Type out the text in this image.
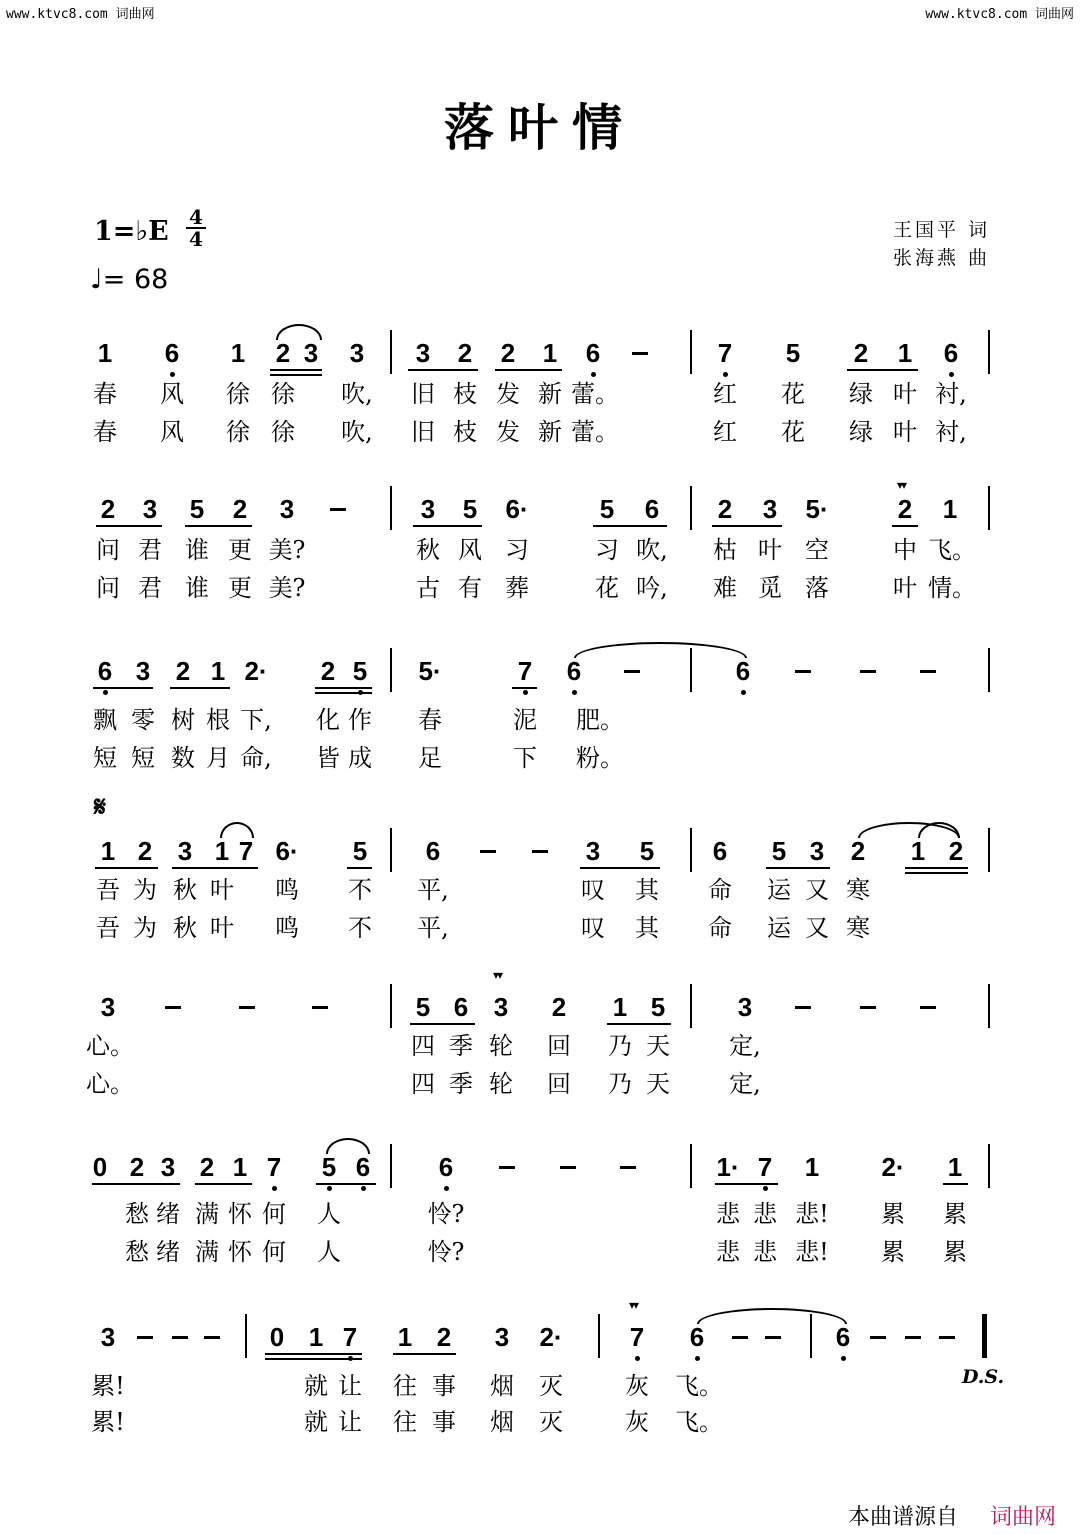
www.ktvc8.com 词曲网	www.ktvc8.com 词曲网
落叶情
1=♭E 4
4
♩= 68
王国平 词
张海燕 曲
1 6 1 2 3 3 3 2 2 1 6	7 5 2 1 6
2 3 5 2 3	3 5 6·	5 6 2 3 5·	2 1
▾▾
6 3 2 1 2· 2 5 5·	7 6	6
1 2 3 1 7 6· 5 6	3 5 6 5 3 2 1 2
3	5 6 3 2 1 5	3
▾▾
0 2 3 2 1 7 5 6	6	1· 7 1 2· 1
3	0 1 7 1 2 3 2·	7 6	6
▾▾
春	风	徐 徐	吹,	旧 枝 发 新 蕾。	红	花	绿 叶 衬,
春	风	徐 徐	吹,	旧 枝 发 新 蕾。	红	花	绿 叶 衬,
问 君 谁 更 美?	秋 风 习	习 吹,	枯 叶 空	中 飞。
问 君 谁 更 美?	古 有 葬	花 吟,	难 觅 落	叶 情。
飘 零 树 根 下,	化 作	春	泥	肥。
短 短 数 月 命,	皆 成	足	下	粉。
吾 为 秋 叶	鸣	不	平,	叹	其	命	运 又 寒
吾 为 秋 叶	鸣	不	平,	叹	其	命	运 又 寒
心。	四 季 轮	回	乃 天	定,
心。	四 季 轮	回	乃 天	定,
愁 绪 满 怀 何	人	怜?	悲 悲 悲!	累	累
愁 绪 满 怀 何	人	怜?	悲 悲 悲!	累	累
累!	就 让	往 事	烟	灭	灰	飞。
累!	就 让	往 事	烟	灭	灰	飞。
𝄋
D.S.
本曲谱源自 词曲网
